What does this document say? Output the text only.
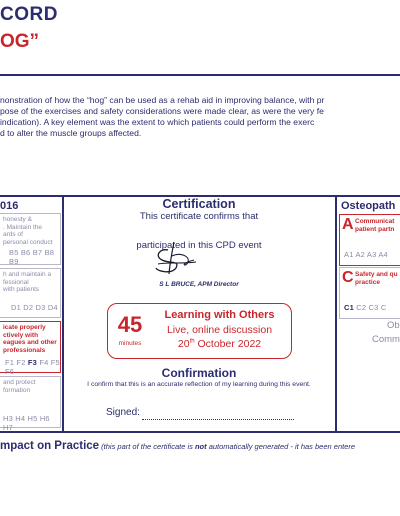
CORD
OG”
nonstration of how the “hog” can be used as a rehab aid in improving balance, with pr
pose of the exercises and safety considerations were made clear, as were the very fe
indication). A key element was the extent to which patients could perform the exerc
d to alter the muscle groups affected.
016
honesty &
. Maintain the
ards of
personal conduct
B5 B6 B7 B8 B9
h and maintain a
fessional
with patients
D1 D2 D3 D4
icate properly
ctively with
eagues and other
professionals
F1 F2 F3 F4 F5 F6
and protect
formation
H3 H4 H5 H6 H7
Certification
This certificate confirms that
participated in this CPD event
S L BRUCE, APM Director
45
minutes
Learning with Others
Live, online discussion
20th October 2022
Confirmation
I confirm that this is an accurate reflection of my learning during this event.
Signed:
Osteopath
A Communicat
patient partn
A1 A2 A3 A4
C Safety and qu
practice
C1 C2 C3 C
Ob
Comm
mpact on Practice (this part of the certificate is not automatically generated - it has been entere
